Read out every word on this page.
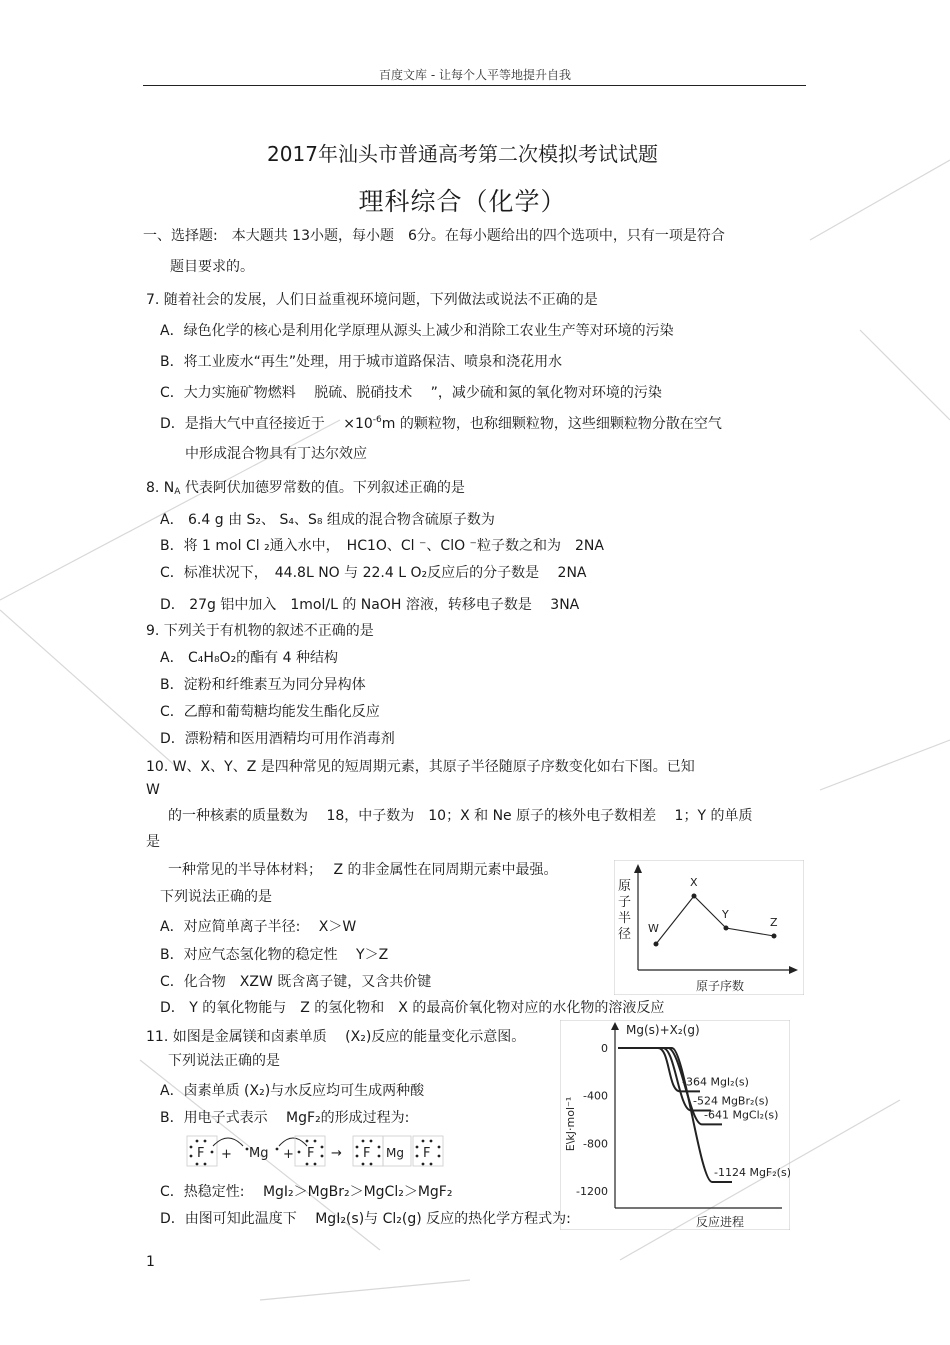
百度文库 - 让每个人平等地提升自我
2017年汕头市普通高考第二次模拟考试试题
理科综合（化学）
一、选择题:　本大题共 13小题，每小题　6分。在每小题给出的四个选项中，只有一项是符合
题目要求的。
7. 随着社会的发展，人们日益重视环境问题，下列做法或说法不正确的是
A．绿色化学的核心是利用化学原理从源头上减少和消除工农业生产等对环境的污染
B．将工业废水“再生”处理，用于城市道路保洁、喷泉和浇花用水
C．大力实施矿物燃料　 脱硫、脱硝技术　 ”，减少硫和氮的氧化物对环境的污染
D．是指大气中直径接近于　 $\times 10^{-6}m$ 的颗粒物，也称细颗粒物，这些细颗粒物分散在空气
中形成混合物具有丁达尔效应
8. $N_A$ 代表阿伏加德罗常数的值。下列叙述正确的是
A． 6.4 g 由 S₂、 S₄、S₈ 组成的混合物含硫原子数为
B．将 1 mol Cl ₂通入水中，　HC1O、Cl ⁻、ClO ⁻粒子数之和为　2NA
C．标准状况下，　44.8L NO 与 22.4 L O₂反应后的分子数是　 2NA
D． 27g 铝中加入　1mol/L 的 NaOH 溶液，转移电子数是　 3NA
9. 下列关于有机物的叙述不正确的是
A． C₄H₈O₂的酯有 4 种结构
B．淀粉和纤维素互为同分异构体
C．乙醇和葡萄糖均能发生酯化反应
D．漂粉精和医用酒精均可用作消毒剂
10. W、X、Y、Z 是四种常见的短周期元素，其原子半径随原子序数变化如右下图。已知
W
的一种核素的质量数为　 18，中子数为　10；X 和 Ne 原子的核外电子数相差　 1；Y 的单质
是
一种常见的半导体材料；　 Z 的非金属性在同周期元素中最强。
下列说法正确的是
A．对应简单离子半径:　 X＞W
B．对应气态氢化物的稳定性　 Y＞Z
C．化合物　XZW 既含离子键，又含共价键
D． Y 的氧化物能与　Z 的氢化物和　X 的最高价氧化物对应的水化物的溶液反应
原
子
半
径
原子序数
W
X
Y
Z
11. 如图是金属镁和卤素单质　 (X₂)反应的能量变化示意图。
下列说法正确的是
A．卤素单质 (X₂)与水反应均可生成两种酸
B．用电子式表示　 MgF₂的形成过程为:
F + Mg + F → F Mg F
C．热稳定性:　 MgI₂＞MgBr₂＞MgCl₂＞MgF₂
D．由图可知此温度下　 MgI₂(s)与 Cl₂(g) 反应的热化学方程式为:
E\kJ·mol⁻¹
Mg(s)+X₂(g)
反应进程
0
-400
-800
-1200
-364 MgI₂(s)
-524 MgBr₂(s)
-641 MgCl₂(s)
-1124 MgF₂(s)
1
